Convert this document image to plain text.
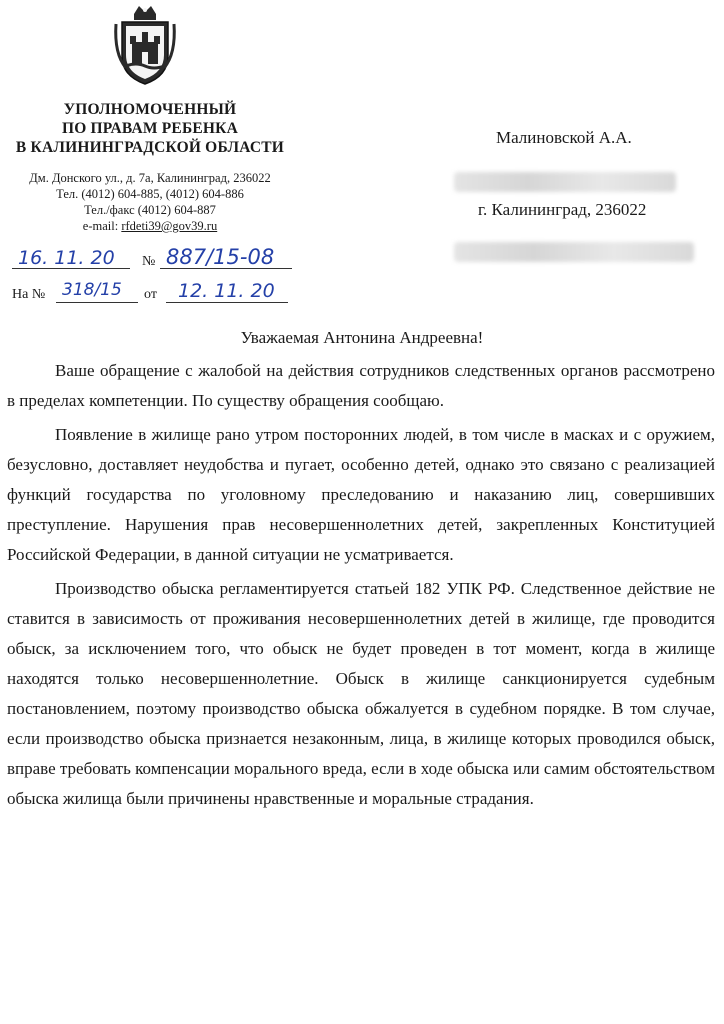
УПОЛНОМОЧЕННЫЙ
ПО ПРАВАМ РЕБЕНКА
В КАЛИНИНГРАДСКОЙ ОБЛАСТИ
Дм. Донского ул., д. 7а, Калининград, 236022
Тел. (4012) 604-885, (4012) 604-886
Тел./факс (4012) 604-887
e-mail: rfdeti39@gov39.ru
16. 11. 20 № 887/15-08
На № 318/15 от 12. 11. 20
Малиновской А.А.
г. Калининград, 236022
Уважаемая Антонина Андреевна!

Ваше обращение с жалобой на действия сотрудников следственных органов рассмотрено в пределах компетенции. По существу обращения сообщаю.

Появление в жилище рано утром посторонних людей, в том числе в масках и с оружием, безусловно, доставляет неудобства и пугает, особенно детей, однако это связано с реализацией функций государства по уголовному преследованию и наказанию лиц, совершивших преступление. Нарушения прав несовершеннолетних детей, закрепленных Конституцией Российской Федерации, в данной ситуации не усматривается.

Производство обыска регламентируется статьей 182 УПК РФ. Следственное действие не ставится в зависимость от проживания несовершеннолетних детей в жилище, где проводится обыск, за исключением того, что обыск не будет проведен в тот момент, когда в жилище находятся только несовершеннолетние. Обыск в жилище санкционируется судебным постановлением, поэтому производство обыска обжалуется в судебном порядке. В том случае, если производство обыска признается незаконным, лица, в жилище которых проводился обыск, вправе требовать компенсации морального вреда, если в ходе обыска или самим обстоятельством обыска жилища были причинены нравственные и моральные страдания.
